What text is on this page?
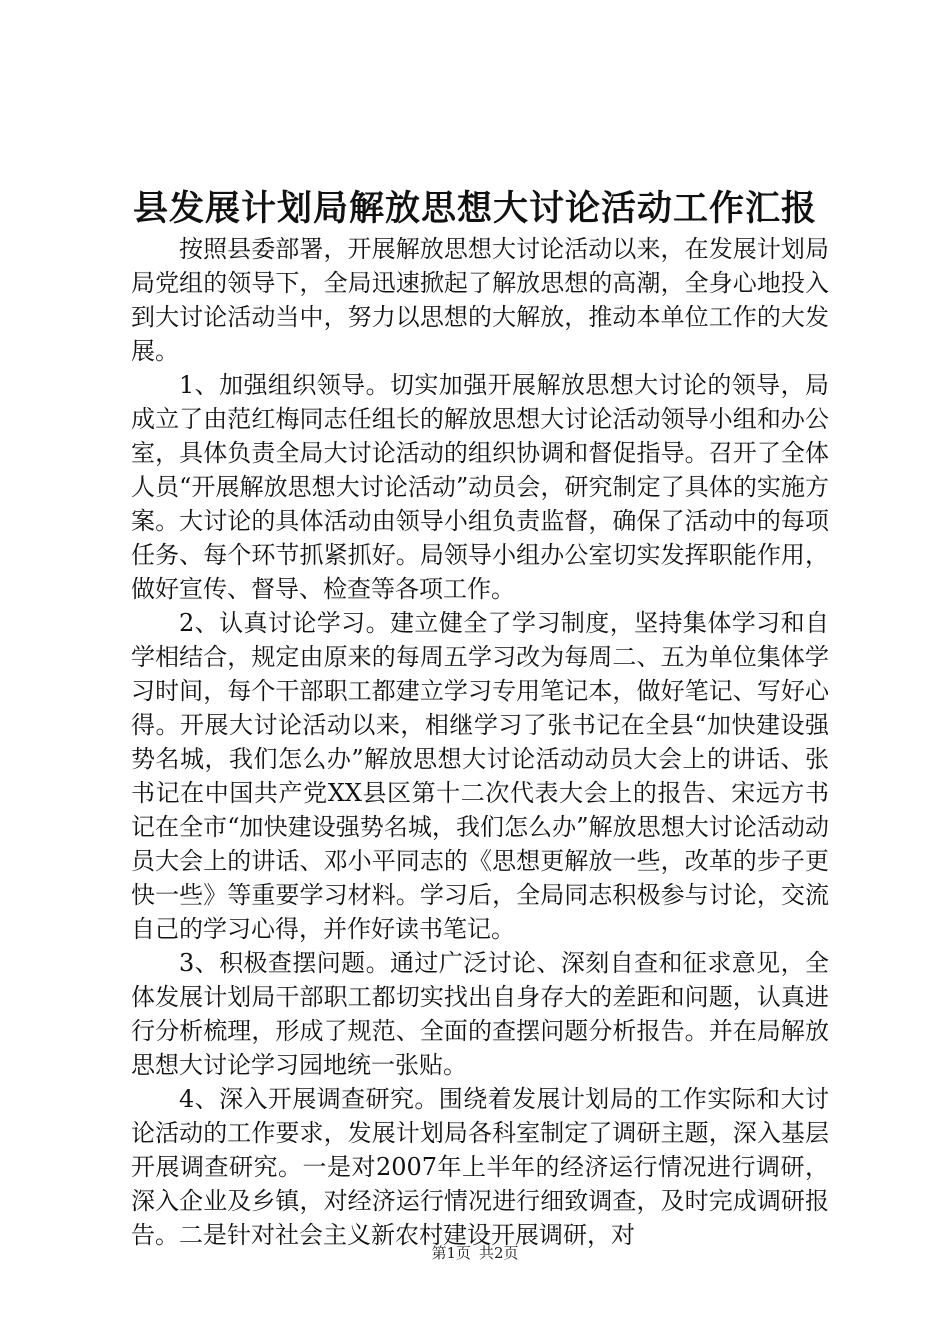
县发展计划局解放思想大讨论活动工作汇报

按照县委部署，开展解放思想大讨论活动以来，在发展计划局局党组的领导下，全局迅速掀起了解放思想的高潮，全身心地投入到大讨论活动当中，努力以思想的大解放，推动本单位工作的大发展。

1、加强组织领导。切实加强开展解放思想大讨论的领导，局成立了由范红梅同志任组长的解放思想大讨论活动领导小组和办公室，具体负责全局大讨论活动的组织协调和督促指导。召开了全体人员“开展解放思想大讨论活动”动员会，研究制定了具体的实施方案。大讨论的具体活动由领导小组负责监督，确保了活动中的每项任务、每个环节抓紧抓好。局领导小组办公室切实发挥职能作用，做好宣传、督导、检查等各项工作。

2、认真讨论学习。建立健全了学习制度，坚持集体学习和自学相结合，规定由原来的每周五学习改为每周二、五为单位集体学习时间，每个干部职工都建立学习专用笔记本，做好笔记、写好心得。开展大讨论活动以来，相继学习了张书记在全县“加快建设强势名城，我们怎么办”解放思想大讨论活动动员大会上的讲话、张书记在中国共产党XX县区第十二次代表大会上的报告、宋远方书记在全市“加快建设强势名城，我们怎么办”解放思想大讨论活动动员大会上的讲话、邓小平同志的《思想更解放一些，改革的步子更快一些》等重要学习材料。学习后，全局同志积极参与讨论，交流自己的学习心得，并作好读书笔记。

3、积极查摆问题。通过广泛讨论、深刻自查和征求意见，全体发展计划局干部职工都切实找出自身存大的差距和问题，认真进行分析梳理，形成了规范、全面的查摆问题分析报告。并在局解放思想大讨论学习园地统一张贴。

4、深入开展调查研究。围绕着发展计划局的工作实际和大讨论活动的工作要求，发展计划局各科室制定了调研主题，深入基层开展调查研究。一是对2007年上半年的经济运行情况进行调研，深入企业及乡镇，对经济运行情况进行细致调查，及时完成调研报告。二是针对社会主义新农村建设开展调研，对

第1页 共2页
